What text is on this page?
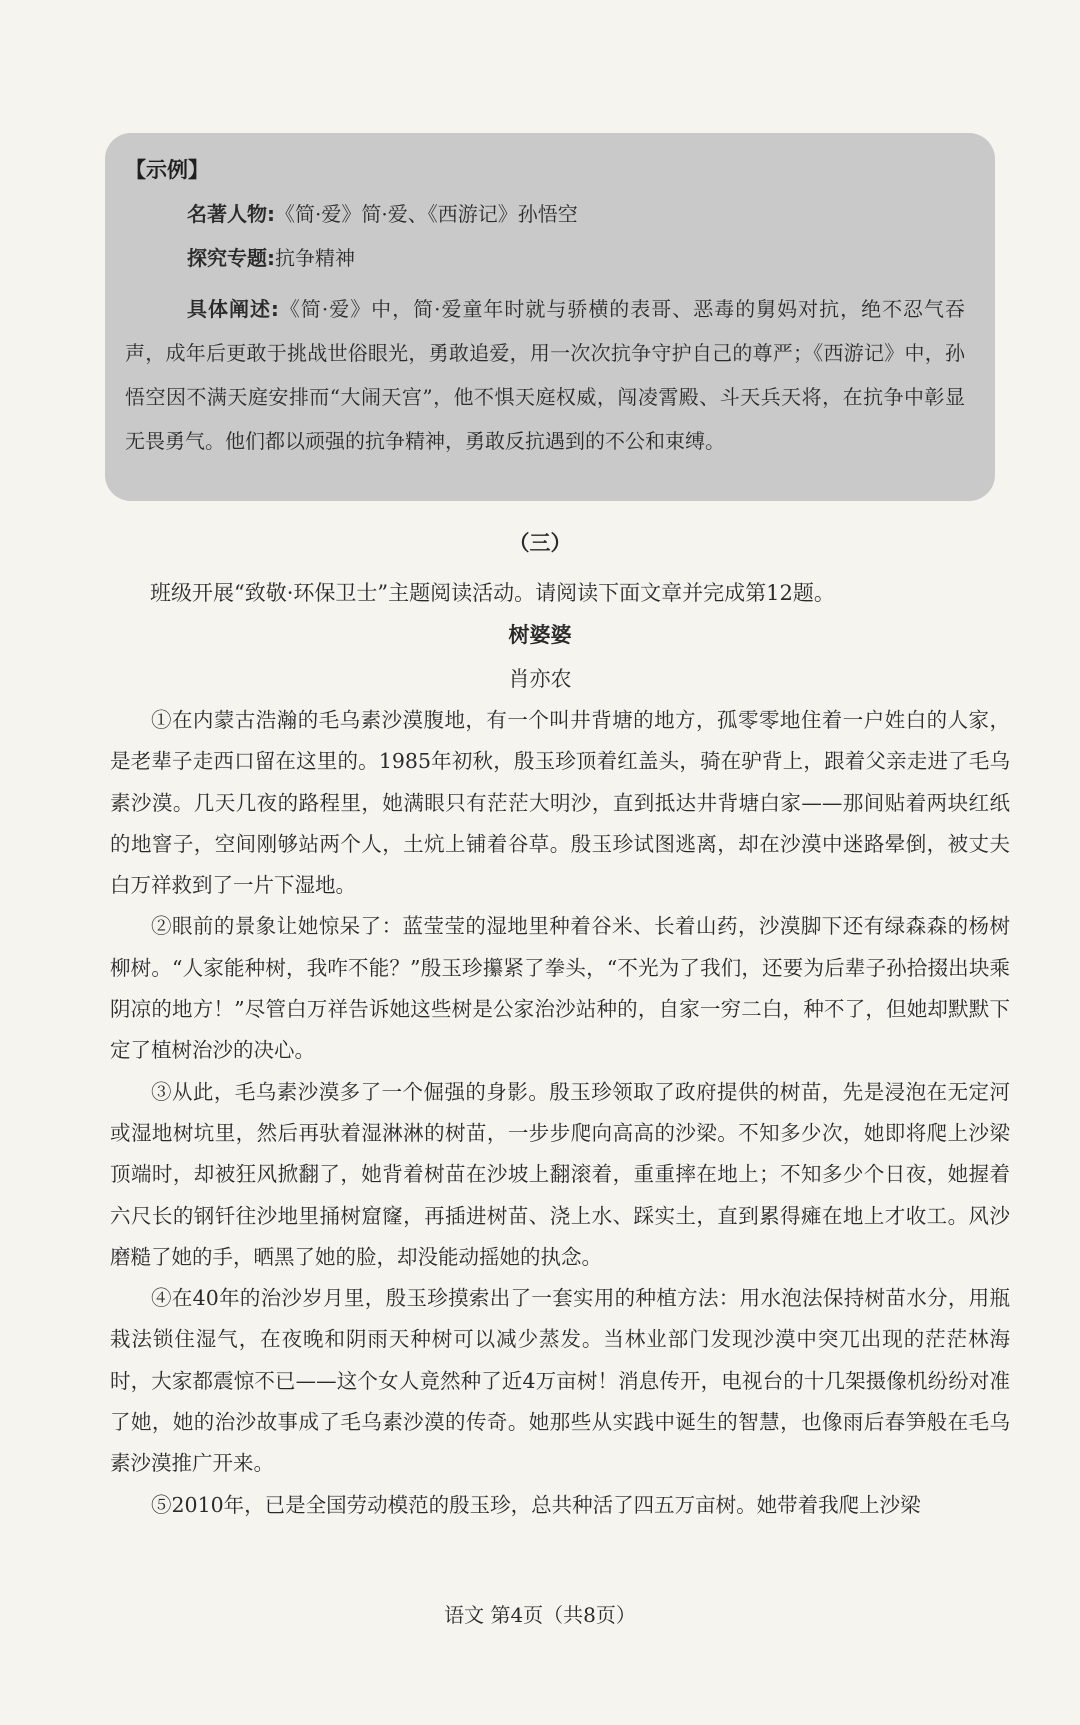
【示例】
名著人物:《简·爱》简·爱、《西游记》孙悟空
探究专题:抗争精神

具体阐述:《简·爱》中，简·爱童年时就与骄横的表哥、恶毒的舅妈对抗，绝不忍气吞声，成年后更敢于挑战世俗眼光，勇敢追爱，用一次次抗争守护自己的尊严；《西游记》中，孙悟空因不满天庭安排而“大闹天宫”，他不惧天庭权威，闯凌霄殿、斗天兵天将，在抗争中彰显无畏勇气。他们都以顽强的抗争精神，勇敢反抗遇到的不公和束缚。

（三）
班级开展“致敬·环保卫士”主题阅读活动。请阅读下面文章并完成第12题。
树婆婆
肖亦农

①在内蒙古浩瀚的毛乌素沙漠腹地，有一个叫井背塘的地方，孤零零地住着一户姓白的人家，是老辈子走西口留在这里的。1985年初秋，殷玉珍顶着红盖头，骑在驴背上，跟着父亲走进了毛乌素沙漠。几天几夜的路程里，她满眼只有茫茫大明沙，直到抵达井背塘白家——那间贴着两块红纸的地窨子，空间刚够站两个人，土炕上铺着谷草。殷玉珍试图逃离，却在沙漠中迷路晕倒，被丈夫白万祥救到了一片下湿地。

②眼前的景象让她惊呆了：蓝莹莹的湿地里种着谷米、长着山药，沙漠脚下还有绿森森的杨树柳树。“人家能种树，我咋不能？”殷玉珍攥紧了拳头，“不光为了我们，还要为后辈子孙拾掇出块乘阴凉的地方！”尽管白万祥告诉她这些树是公家治沙站种的，自家一穷二白，种不了，但她却默默下定了植树治沙的决心。

③从此，毛乌素沙漠多了一个倔强的身影。殷玉珍领取了政府提供的树苗，先是浸泡在无定河或湿地树坑里，然后再驮着湿淋淋的树苗，一步步爬向高高的沙梁。不知多少次，她即将爬上沙梁顶端时，却被狂风掀翻了，她背着树苗在沙坡上翻滚着，重重摔在地上；不知多少个日夜，她握着六尺长的钢钎往沙地里捅树窟窿，再插进树苗、浇上水、踩实土，直到累得瘫在地上才收工。风沙磨糙了她的手，晒黑了她的脸，却没能动摇她的执念。

④在40年的治沙岁月里，殷玉珍摸索出了一套实用的种植方法：用水泡法保持树苗水分，用瓶栽法锁住湿气，在夜晚和阴雨天种树可以减少蒸发。当林业部门发现沙漠中突兀出现的茫茫林海时，大家都震惊不已——这个女人竟然种了近4万亩树！消息传开，电视台的十几架摄像机纷纷对准了她，她的治沙故事成了毛乌素沙漠的传奇。她那些从实践中诞生的智慧，也像雨后春笋般在毛乌素沙漠推广开来。

⑤2010年，已是全国劳动模范的殷玉珍，总共种活了四五万亩树。她带着我爬上沙梁

语文 第4页（共8页）
